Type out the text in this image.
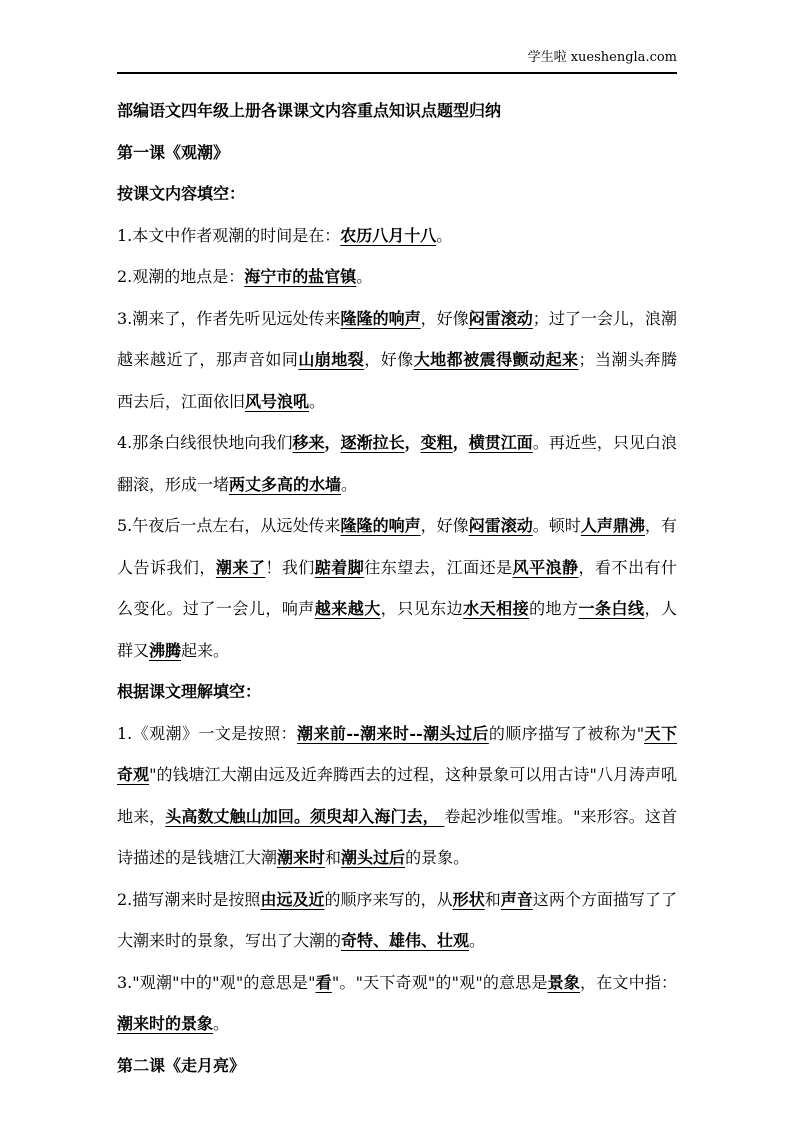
学生啦 xueshengla.com

部编语文四年级上册各课课文内容重点知识点题型归纳

第一课《观潮》

按课文内容填空：

1.本文中作者观潮的时间是在：农历八月十八。

2.观潮的地点是：海宁市的盐官镇。

3.潮来了，作者先听见远处传来隆隆的响声，好像闷雷滚动；过了一会儿，浪潮越来越近了，那声音如同山崩地裂，好像大地都被震得颤动起来；当潮头奔腾西去后，江面依旧风号浪吼。

4.那条白线很快地向我们移来，逐渐拉长，变粗，横贯江面。再近些，只见白浪翻滚，形成一堵两丈多高的水墙。

5.午夜后一点左右，从远处传来隆隆的响声，好像闷雷滚动。顿时人声鼎沸，有人告诉我们，潮来了！我们踮着脚往东望去，江面还是风平浪静，看不出有什么变化。过了一会儿，响声越来越大，只见东边水天相接的地方一条白线，人群又沸腾起来。

根据课文理解填空：

1.《观潮》一文是按照：潮来前--潮来时--潮头过后的顺序描写了被称为"天下奇观"的钱塘江大潮由远及近奔腾西去的过程，这种景象可以用古诗"八月涛声吼地来，头高数丈触山加回。须臾却入海门去， 卷起沙堆似雪堆。"来形容。这首诗描述的是钱塘江大潮潮来时和潮头过后的景象。

2.描写潮来时是按照由远及近的顺序来写的，从形状和声音这两个方面描写了了大潮来时的景象，写出了大潮的奇特、雄伟、壮观。

3."观潮"中的"观"的意思是"看"。"天下奇观"的"观"的意思是景象，在文中指：潮来时的景象。

第二课《走月亮》
